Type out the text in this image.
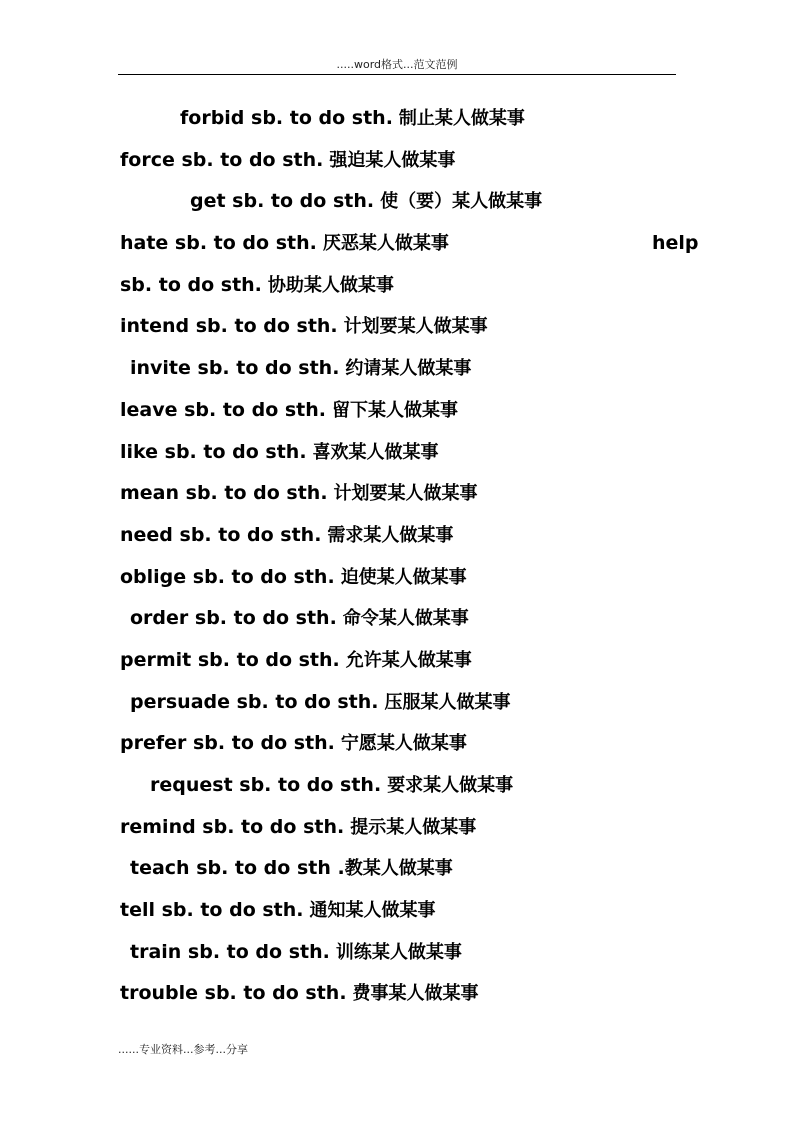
.....word格式...范文范例
forbid sb. to do sth. 制止某人做某事
force sb. to do sth. 强迫某人做某事
get sb. to do sth. 使（要）某人做某事
hate sb. to do sth. 厌恶某人做某事	help
sb. to do sth. 协助某人做某事
intend sb. to do sth. 计划要某人做某事
invite sb. to do sth. 约请某人做某事
leave sb. to do sth. 留下某人做某事
like sb. to do sth. 喜欢某人做某事
mean sb. to do sth. 计划要某人做某事
need sb. to do sth. 需求某人做某事
oblige sb. to do sth. 迫使某人做某事
order sb. to do sth. 命令某人做某事
permit sb. to do sth. 允许某人做某事
persuade sb. to do sth. 压服某人做某事
prefer sb. to do sth. 宁愿某人做某事
request sb. to do sth. 要求某人做某事
remind sb. to do sth. 提示某人做某事
teach sb. to do sth .教某人做某事
tell sb. to do sth. 通知某人做某事
train sb. to do sth. 训练某人做某事
trouble sb. to do sth. 费事某人做某事
......专业资料...参考...分享
